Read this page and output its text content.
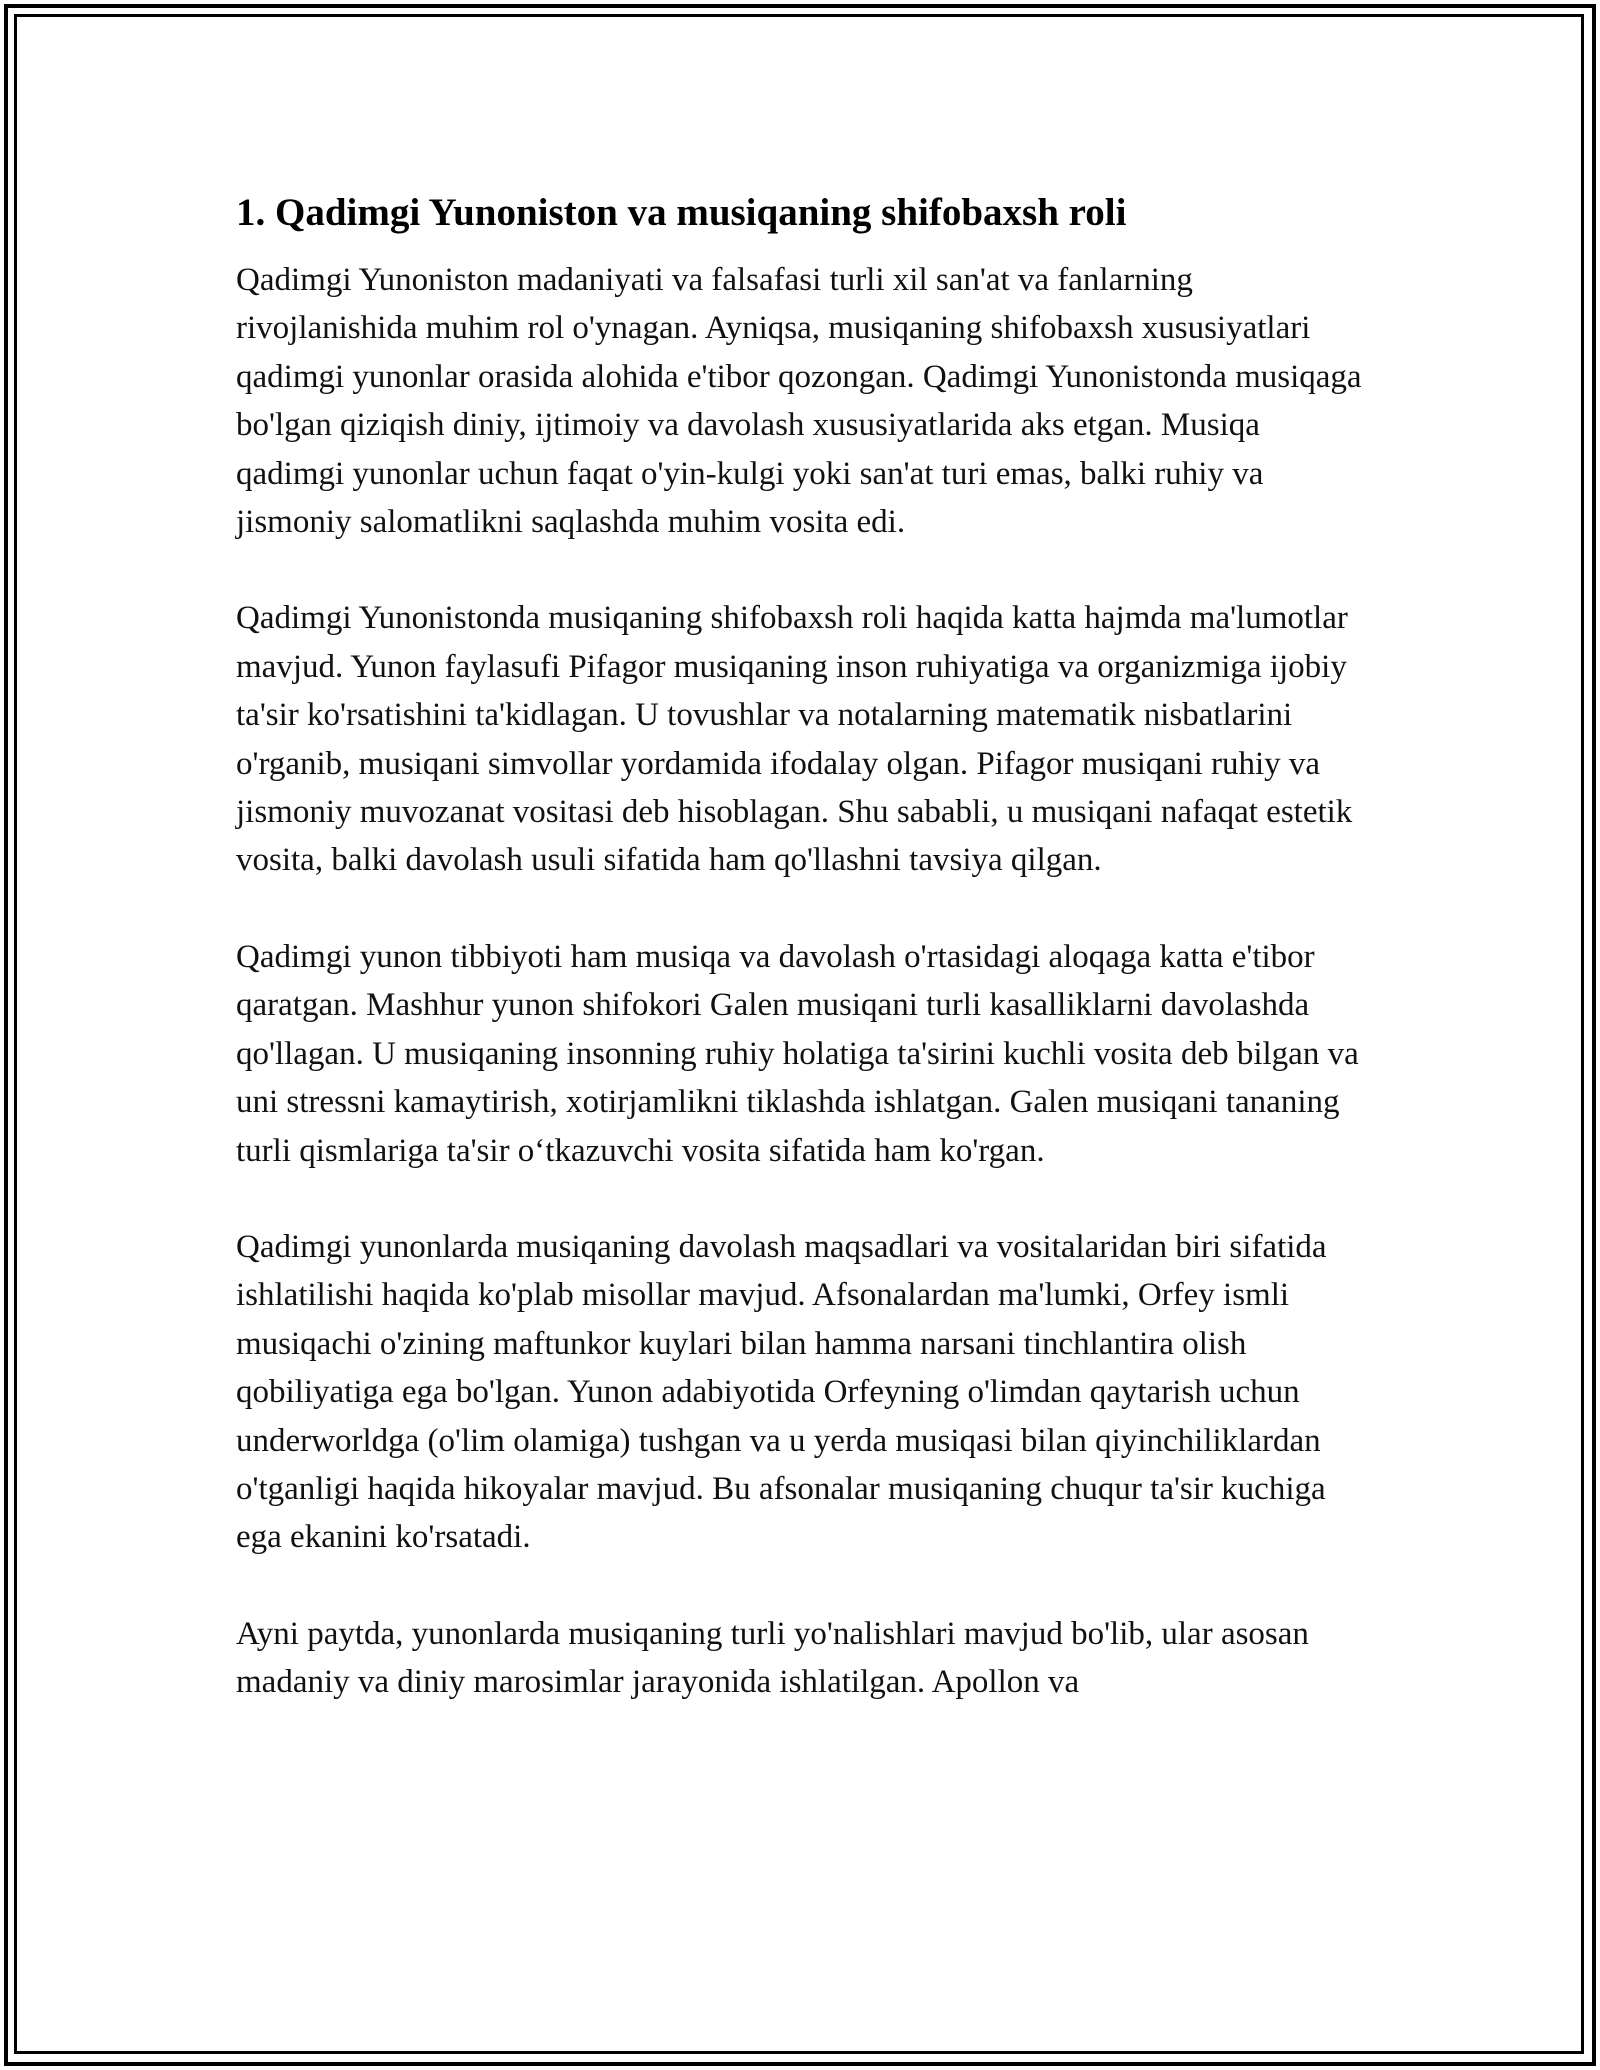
1. Qadimgi Yunoniston va musiqaning shifobaxsh roli

Qadimgi Yunoniston madaniyati va falsafasi turli xil san'at va fanlarning rivojlanishida muhim rol o'ynagan. Ayniqsa, musiqaning shifobaxsh xususiyatlari qadimgi yunonlar orasida alohida e'tibor qozongan. Qadimgi Yunonistonda musiqaga bo'lgan qiziqish diniy, ijtimoiy va davolash xususiyatlarida aks etgan. Musiqa qadimgi yunonlar uchun faqat o'yin-kulgi yoki san'at turi emas, balki ruhiy va jismoniy salomatlikni saqlashda muhim vosita edi.

Qadimgi Yunonistonda musiqaning shifobaxsh roli haqida katta hajmda ma'lumotlar mavjud. Yunon faylasufi Pifagor musiqaning inson ruhiyatiga va organizmiga ijobiy ta'sir ko'rsatishini ta'kidlagan. U tovushlar va notalarning matematik nisbatlarini o'rganib, musiqani simvollar yordamida ifodalay olgan. Pifagor musiqani ruhiy va jismoniy muvozanat vositasi deb hisoblagan. Shu sababli, u musiqani nafaqat estetik vosita, balki davolash usuli sifatida ham qo'llashni tavsiya qilgan.

Qadimgi yunon tibbiyoti ham musiqa va davolash o'rtasidagi aloqaga katta e'tibor qaratgan. Mashhur yunon shifokori Galen musiqani turli kasalliklarni davolashda qo'llagan. U musiqaning insonning ruhiy holatiga ta'sirini kuchli vosita deb bilgan va uni stressni kamaytirish, xotirjamlikni tiklashda ishlatgan. Galen musiqani tananing turli qismlariga ta'sir o‘tkazuvchi vosita sifatida ham ko'rgan.

Qadimgi yunonlarda musiqaning davolash maqsadlari va vositalaridan biri sifatida ishlatilishi haqida ko'plab misollar mavjud. Afsonalardan ma'lumki, Orfey ismli musiqachi o'zining maftunkor kuylari bilan hamma narsani tinchlantira olish qobiliyatiga ega bo'lgan. Yunon adabiyotida Orfeyning o'limdan qaytarish uchun underworldga (o'lim olamiga) tushgan va u yerda musiqasi bilan qiyinchiliklardan o'tganligi haqida hikoyalar mavjud. Bu afsonalar musiqaning chuqur ta'sir kuchiga ega ekanini ko'rsatadi.

Ayni paytda, yunonlarda musiqaning turli yo'nalishlari mavjud bo'lib, ular asosan madaniy va diniy marosimlar jarayonida ishlatilgan. Apollon va
